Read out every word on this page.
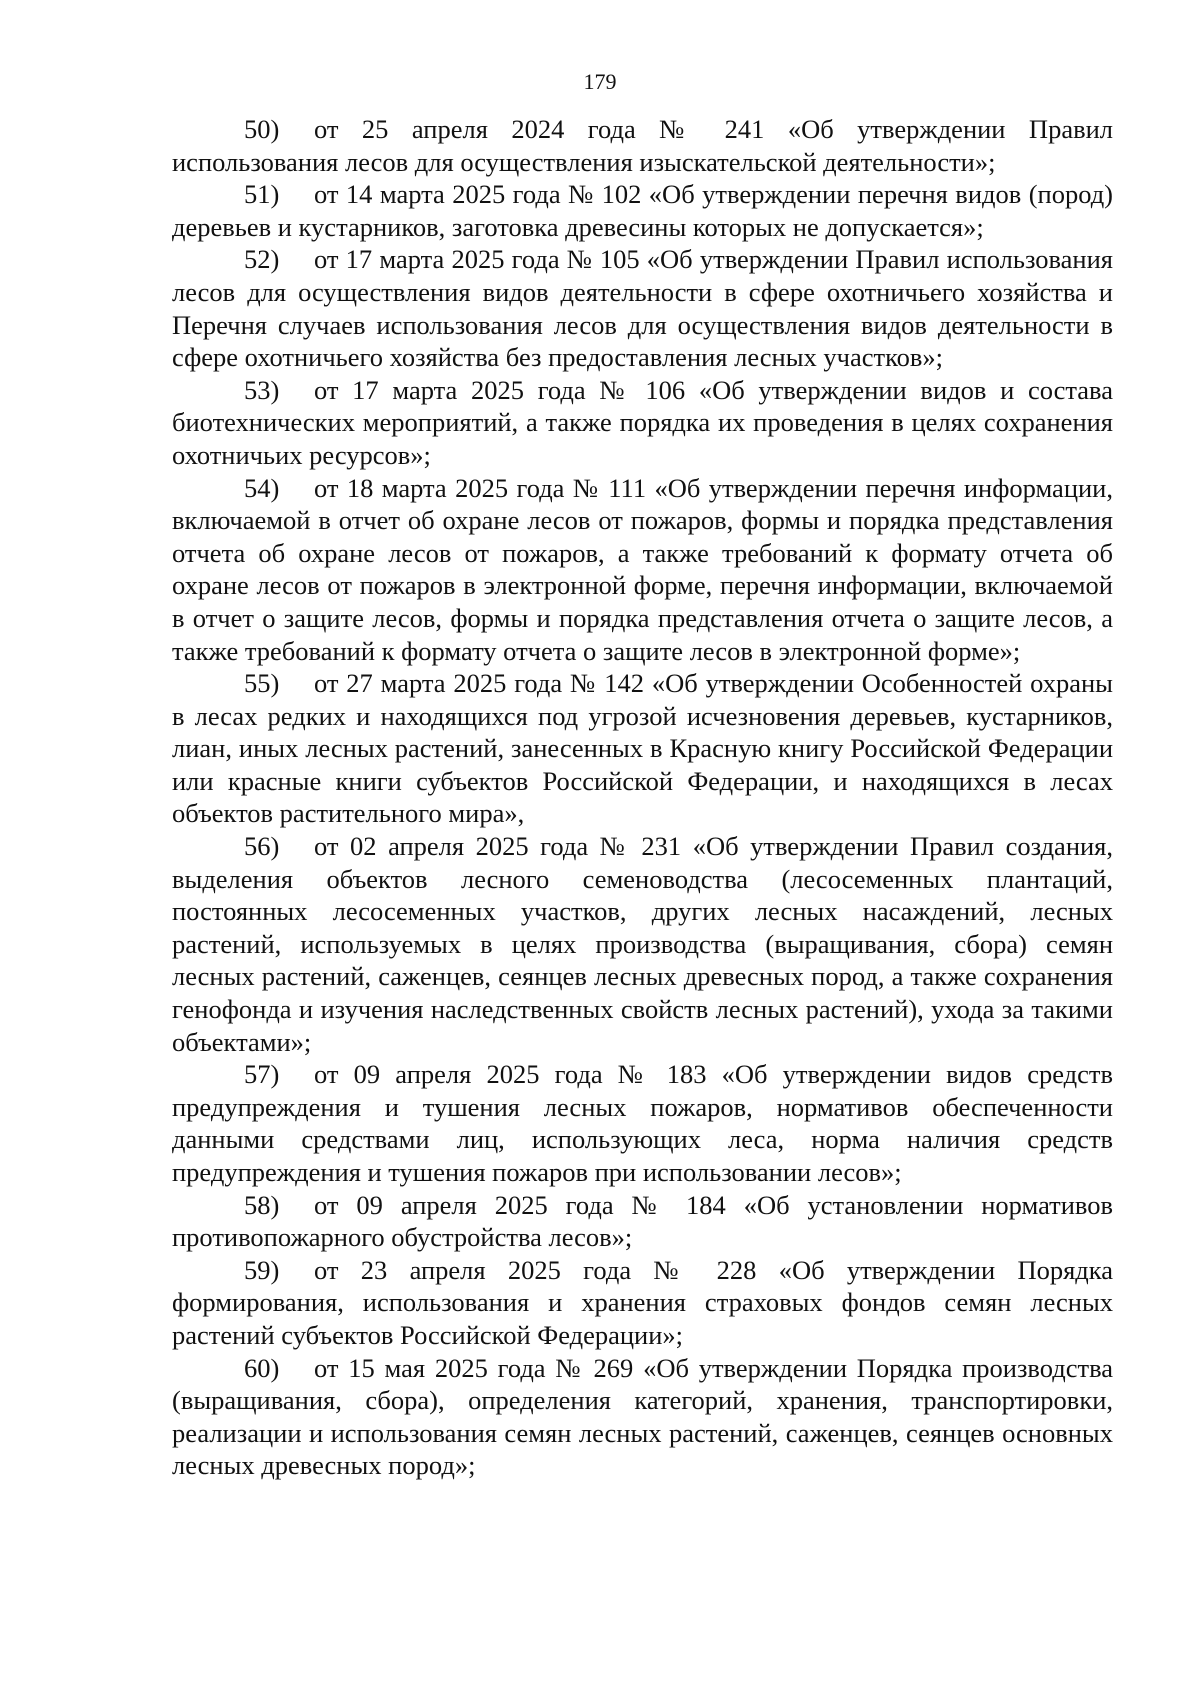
179

50) от 25 апреля 2024 года № 241 «Об утверждении Правил использования лесов для осуществления изыскательской деятельности»;

51) от 14 марта 2025 года № 102 «Об утверждении перечня видов (пород) деревьев и кустарников, заготовка древесины которых не допускается»;

52) от 17 марта 2025 года № 105 «Об утверждении Правил использования лесов для осуществления видов деятельности в сфере охотничьего хозяйства и Перечня случаев использования лесов для осуществления видов деятельности в сфере охотничьего хозяйства без предоставления лесных участков»;

53) от 17 марта 2025 года № 106 «Об утверждении видов и состава биотехнических мероприятий, а также порядка их проведения в целях сохранения охотничьих ресурсов»;

54) от 18 марта 2025 года № 111 «Об утверждении перечня информации, включаемой в отчет об охране лесов от пожаров, формы и порядка представления отчета об охране лесов от пожаров, а также требований к формату отчета об охране лесов от пожаров в электронной форме, перечня информации, включаемой в отчет о защите лесов, формы и порядка представления отчета о защите лесов, а также требований к формату отчета о защите лесов в электронной форме»;

55) от 27 марта 2025 года № 142 «Об утверждении Особенностей охраны в лесах редких и находящихся под угрозой исчезновения деревьев, кустарников, лиан, иных лесных растений, занесенных в Красную книгу Российской Федерации или красные книги субъектов Российской Федерации, и находящихся в лесах объектов растительного мира»,

56) от 02 апреля 2025 года № 231 «Об утверждении Правил создания, выделения объектов лесного семеноводства (лесосеменных плантаций, постоянных лесосеменных участков, других лесных насаждений, лесных растений, используемых в целях производства (выращивания, сбора) семян лесных растений, саженцев, сеянцев лесных древесных пород, а также сохранения генофонда и изучения наследственных свойств лесных растений), ухода за такими объектами»;

57) от 09 апреля 2025 года № 183 «Об утверждении видов средств предупреждения и тушения лесных пожаров, нормативов обеспеченности данными средствами лиц, использующих леса, норма наличия средств предупреждения и тушения пожаров при использовании лесов»;

58) от 09 апреля 2025 года № 184 «Об установлении нормативов противопожарного обустройства лесов»;

59) от 23 апреля 2025 года № 228 «Об утверждении Порядка формирования, использования и хранения страховых фондов семян лесных растений субъектов Российской Федерации»;

60) от 15 мая 2025 года № 269 «Об утверждении Порядка производства (выращивания, сбора), определения категорий, хранения, транспортировки, реализации и использования семян лесных растений, саженцев, сеянцев основных лесных древесных пород»;
